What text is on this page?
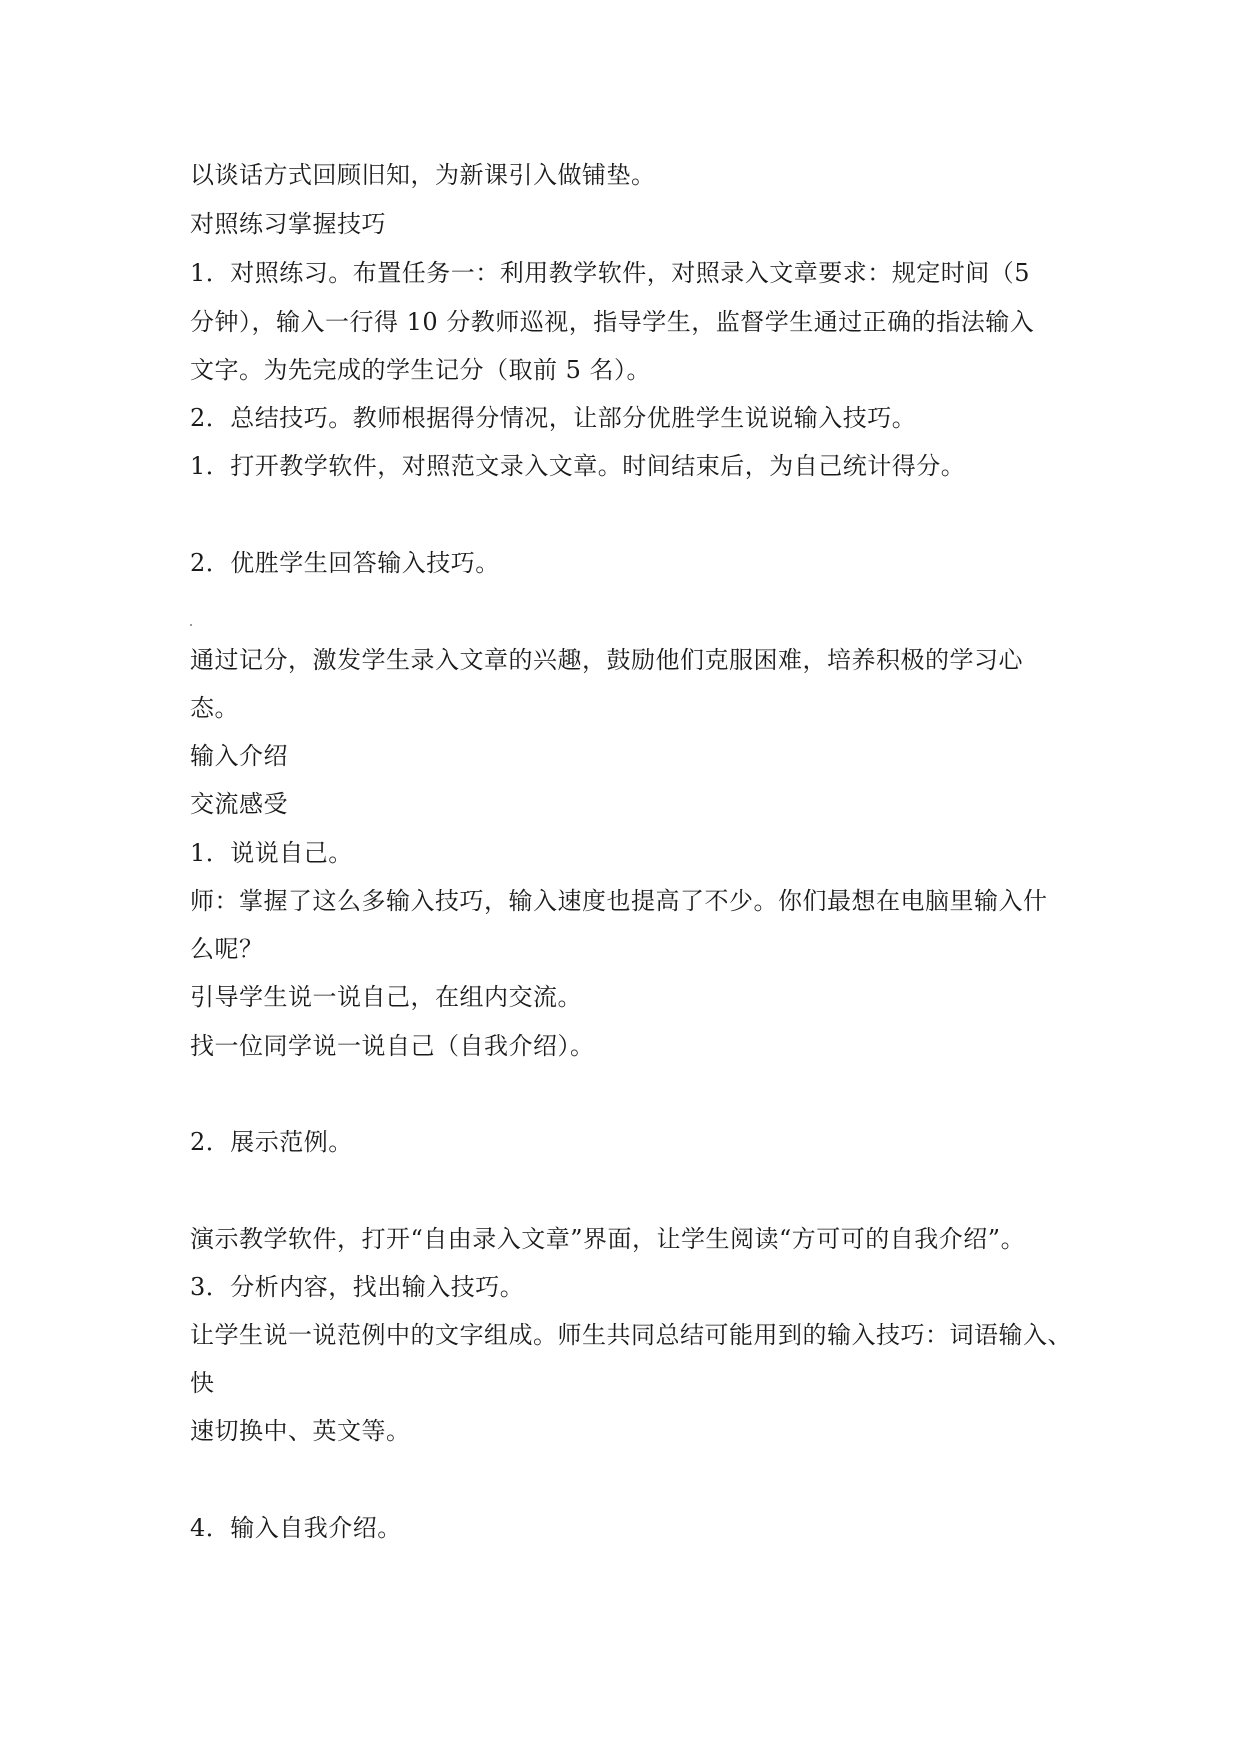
以谈话方式回顾旧知，为新课引入做铺垫。
对照练习掌握技巧
1．对照练习。布置任务一：利用教学软件，对照录入文章要求：规定时间（5
分钟），输入一行得 10 分教师巡视，指导学生，监督学生通过正确的指法输入
文字。为先完成的学生记分（取前 5 名）。
2．总结技巧。教师根据得分情况，让部分优胜学生说说输入技巧。
1．打开教学软件，对照范文录入文章。时间结束后，为自己统计得分。
2．优胜学生回答输入技巧。
通过记分，激发学生录入文章的兴趣，鼓励他们克服困难，培养积极的学习心
态。
输入介绍
交流感受
1．说说自己。
师：掌握了这么多输入技巧，输入速度也提高了不少。你们最想在电脑里输入什
么呢？
引导学生说一说自己，在组内交流。
找一位同学说一说自己（自我介绍）。
2．展示范例。
演示教学软件，打开“自由录入文章”界面，让学生阅读“方可可的自我介绍”。
3．分析内容，找出输入技巧。
让学生说一说范例中的文字组成。师生共同总结可能用到的输入技巧：词语输入、
快
速切换中、英文等。
4．输入自我介绍。
